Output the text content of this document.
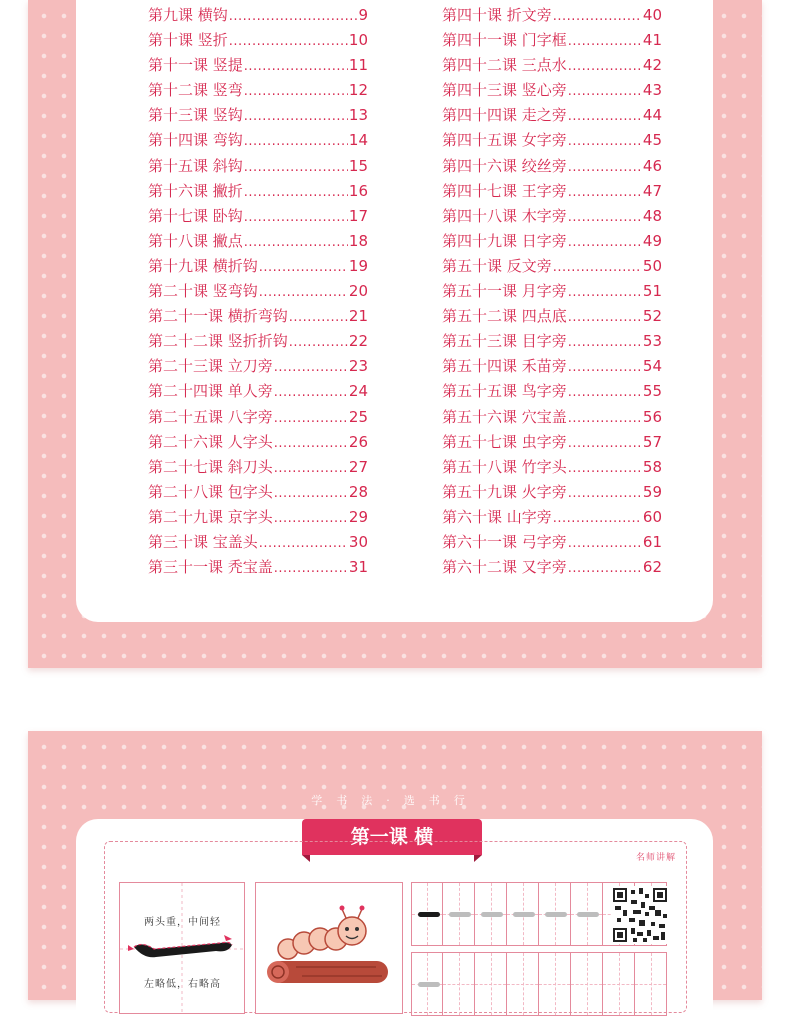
第九课 横钩 .....	9
第十课 竖折 .....	10
第十一课 竖提 .....	11
第十二课 竖弯 .....	12
第十三课 竖钩 .....	13
第十四课 弯钩 .....	14
第十五课 斜钩 .....	15
第十六课 撇折 .....	16
第十七课 卧钩 .....	17
第十八课 撇点 .....	18
第十九课 横折钩 .....	19
第二十课 竖弯钩 .....	20
第二十一课 横折弯钩 .....	21
第二十二课 竖折折钩 .....	22
第二十三课 立刀旁 .....	23
第二十四课 单人旁 .....	24
第二十五课 八字旁 .....	25
第二十六课 人字头 .....	26
第二十七课 斜刀头 .....	27
第二十八课 包字头 .....	28
第二十九课 京字头 .....	29
第三十课 宝盖头 .....	30
第三十一课 秃宝盖 .....	31
第四十课 折文旁 .....	40
第四十一课 门字框 .....	41
第四十二课 三点水 .....	42
第四十三课 竖心旁 .....	43
第四十四课 走之旁 .....	44
第四十五课 女字旁 .....	45
第四十六课 绞丝旁 .....	46
第四十七课 王字旁 .....	47
第四十八课 木字旁 .....	48
第四十九课 日字旁 .....	49
第五十课 反文旁 .....	50
第五十一课 月字旁 .....	51
第五十二课 四点底 .....	52
第五十三课 目字旁 .....	53
第五十四课 禾苗旁 .....	54
第五十五课 鸟字旁 .....	55
第五十六课 穴宝盖 .....	56
第五十七课 虫字旁 .....	57
第五十八课 竹字头 .....	58
第五十九课 火字旁 .....	59
第六十课 山字旁 .....	60
第六十一课 弓字旁 .....	61
第六十二课 又字旁 .....	62
学书法·选书行
第一课 横
名师讲解
两头重，中间轻
左略低，右略高
